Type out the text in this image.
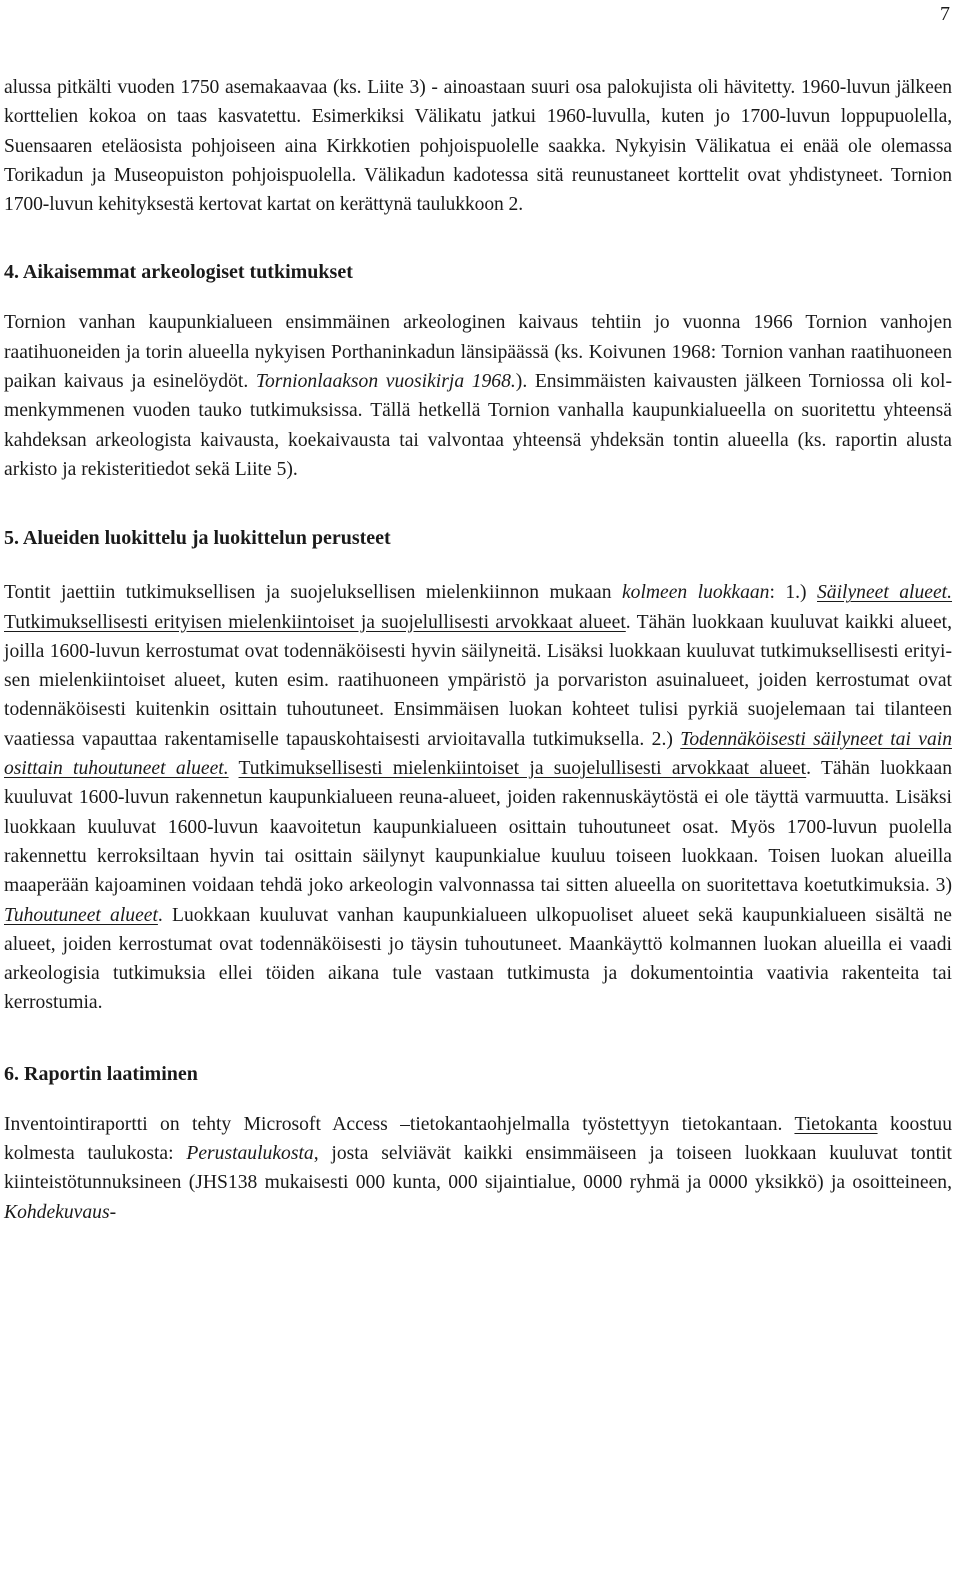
7

alussa pitkälti vuoden 1750 asemakaavaa (ks. Liite 3) - ainoastaan suuri osa palokujista oli hävitetty. 1960-luvun jälkeen korttelien kokoa on taas kasvatettu. Esimerkiksi Välikatu jatkui 1960-luvulla, kuten jo 1700-luvun loppupuolella, Suensaaren eteläosista pohjoiseen aina Kirkkotien pohjoispuolelle saakka. Nykyisin Välikatua ei enää ole olemassa Torikadun ja Museopuiston pohjoispuolella. Välikadun kadotessa sitä reunustaneet korttelit ovat yhdistyneet. Tornion 1700-luvun kehityksestä kertovat kartat on kerättynä taulukkoon 2.

4. Aikaisemmat arkeologiset tutkimukset

Tornion vanhan kaupunkialueen ensimmäinen arkeologinen kaivaus tehtiin jo vuonna 1966 Tornion vanhojen raatihuoneiden ja torin alueella nykyisen Porthaninkadun länsipäässä (ks. Koivunen 1968: Tornion vanhan raatihuoneen paikan kaivaus ja esinelöydöt. Tornionlaakson vuosikirja 1968.). Ensimmäisten kaivausten jälkeen Torniossa oli kolmenkymmenen vuoden tauko tutkimuksissa. Tällä hetkellä Tornion vanhalla kaupunkialueella on suoritettu yhteensä kahdeksan arkeologista kaivausta, koekaivausta tai valvontaa yhteensä yhdeksän tontin alueella (ks. raportin alusta arkisto ja rekisteritiedot sekä Liite 5).

5. Alueiden luokittelu ja luokittelun perusteet

Tontit jaettiin tutkimuksellisen ja suojeluksellisen mielenkiinnon mukaan kolmeen luokkaan: 1.) Säilyneet alueet. Tutkimuksellisesti erityisen mielenkiintoiset ja suojelullisesti arvokkaat alueet. Tähän luokkaan kuuluvat kaikki alueet, joilla 1600-luvun kerrostumat ovat todennäköisesti hyvin säilyneitä. Lisäksi luokkaan kuuluvat tutkimuksellisesti erityisen mielenkiintoiset alueet, kuten esim. raatihuoneen ympäristö ja porvariston asuinalueet, joiden kerrostumat ovat todennäköisesti kuitenkin osittain tuhoutuneet. Ensimmäisen luokan kohteet tulisi pyrkiä suojelemaan tai tilanteen vaatiessa vapauttaa rakentamiselle tapauskohtaisesti arvioitavalla tutkimuksella. 2.) Todennäköisesti säilyneet tai vain osittain tuhoutuneet alueet. Tutkimuksellisesti mielenkiintoiset ja suojelullisesti arvokkaat alueet. Tähän luokkaan kuuluvat 1600-luvun rakennetun kaupunkialueen reuna-alueet, joiden rakennuskäytöstä ei ole täyttä varmuutta. Lisäksi luokkaan kuuluvat 1600-luvun kaavoitetun kaupunkialueen osittain tuhoutuneet osat. Myös 1700-luvun puolella rakennettu kerroksiltaan hyvin tai osittain säilynyt kaupunkialue kuuluu toiseen luokkaan. Toisen luokan alueilla maaperään kajoaminen voidaan tehdä joko arkeologin valvonnassa tai sitten alueella on suoritettava koetutkimuksia. 3) Tuhoutuneet alueet. Luokkaan kuuluvat vanhan kaupunkialueen ulkopuoliset alueet sekä kaupunkialueen sisältä ne alueet, joiden kerrostumat ovat todennäköisesti jo täysin tuhoutuneet. Maankäyttö kolmannen luokan alueilla ei vaadi arkeologisia tutkimuksia ellei töiden aikana tule vastaan tutkimusta ja dokumentointia vaativia rakenteita tai kerrostumia.

6. Raportin laatiminen

Inventointiraportti on tehty Microsoft Access –tietokantaohjelmalla työstettyyn tietokantaan. Tietokanta koostuu kolmesta taulukosta: Perustaulukosta, josta selviävät kaikki ensimmäiseen ja toiseen luokkaan kuuluvat tontit kiinteistötunnuksineen (JHS138 mukaisesti 000 kunta, 000 sijaintialue, 0000 ryhmä ja 0000 yksikkö) ja osoitteineen, Kohdekuvaus-
